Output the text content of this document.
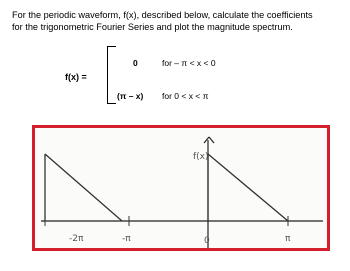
For the periodic waveform, f(x), described below, calculate the coefficients
for the trigonometric Fourier Series and plot the magnitude spectrum.
f(x) =
0	for – π < x < 0
(π – x) for 0 < x < π
f(x)
-2π	-π	0	π
